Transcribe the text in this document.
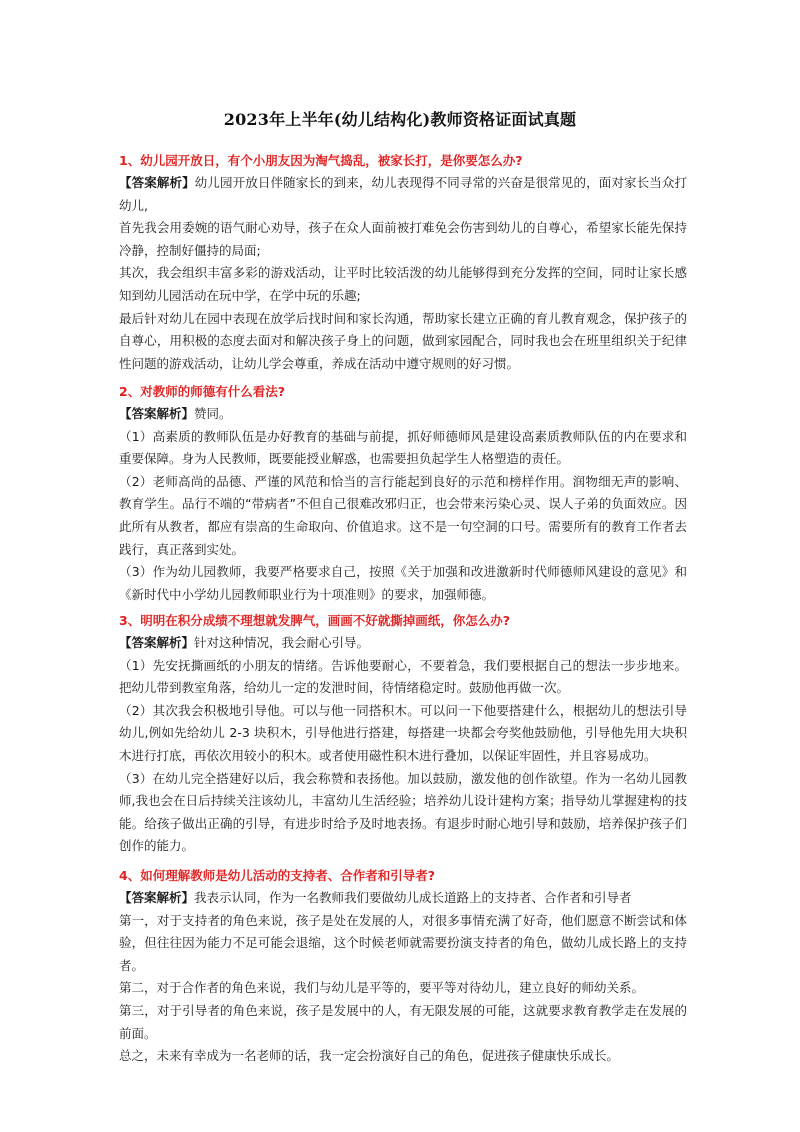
2023年上半年(幼儿结构化)教师资格证面试真题
1、幼儿园开放日，有个小朋友因为淘气捣乱，被家长打，是你要怎么办?

【答案解析】幼儿园开放日伴随家长的到来，幼儿表现得不同寻常的兴奋是很常见的，面对家长当众打幼儿,

首先我会用委婉的语气耐心劝导，孩子在众人面前被打难免会伤害到幼儿的自尊心，希望家长能先保持冷静，控制好僵持的局面;

其次，我会组织丰富多彩的游戏活动，让平时比较活泼的幼儿能够得到充分发挥的空间，同时让家长感知到幼儿园活动在玩中学，在学中玩的乐趣;

最后针对幼儿在园中表现在放学后找时间和家长沟通，帮助家长建立正确的育儿教育观念，保护孩子的自尊心，用积极的态度去面对和解决孩子身上的问题，做到家园配合，同时我也会在班里组织关于纪律性问题的游戏活动，让幼儿学会尊重，养成在活动中遵守规则的好习惯。

2、对教师的师德有什么看法?

【答案解析】赞同。

（1）高素质的教师队伍是办好教育的基础与前提，抓好师德师风是建设高素质教师队伍的内在要求和重要保障。身为人民教师，既要能授业解惑，也需要担负起学生人格塑造的责任。

（2）老师高尚的品德、严谨的风范和恰当的言行能起到良好的示范和榜样作用。润物细无声的影响、教育学生。品行不端的“带病者”不但自己很难改邪归正，也会带来污染心灵、误人子弟的负面效应。因此所有从教者，都应有崇高的生命取向、价值追求。这不是一句空洞的口号。需要所有的教育工作者去践行，真正落到实处。

（3）作为幼儿园教师，我要严格要求自己，按照《关于加强和改进激新时代师德师风建设的意见》和《新时代中小学幼儿园教师职业行为十项准则》的要求，加强师德。

3、明明在积分成绩不理想就发脾气，画画不好就撕掉画纸，你怎么办?

【答案解析】针对这种情况，我会耐心引导。

（1）先安抚撕画纸的小朋友的情绪。告诉他要耐心，不要着急，我们要根据自己的想法一步步地来。把幼儿带到教室角落，给幼儿一定的发泄时间，待情绪稳定时。鼓励他再做一次。

（2）其次我会积极地引导他。可以与他一同搭积木。可以问一下他要搭建什么，根据幼儿的想法引导幼儿,例如先给幼儿 2-3 块积木，引导他进行搭建，每搭建一块都会夸奖他鼓励他，引导他先用大块积木进行打底，再依次用较小的积木。或者使用磁性积木进行叠加，以保证牢固性，并且容易成功。

（3）在幼儿完全搭建好以后，我会称赞和表扬他。加以鼓励，激发他的创作欲望。作为一名幼儿园教师,我也会在日后持续关注该幼儿，丰富幼儿生活经验；培养幼儿设计建构方案；指导幼儿掌握建构的技能。给孩子做出正确的引导，有进步时给予及时地表扬。有退步时耐心地引导和鼓励，培养保护孩子们创作的能力。

4、如何理解教师是幼儿活动的支持者、合作者和引导者?

【答案解析】我表示认同，作为一名教师我们要做幼儿成长道路上的支持者、合作者和引导者

第一，对于支持者的角色来说，孩子是处在发展的人，对很多事情充满了好奇，他们愿意不断尝试和体验，但往往因为能力不足可能会退缩，这个时候老师就需要扮演支持者的角色，做幼儿成长路上的支持者。

第二，对于合作者的角色来说，我们与幼儿是平等的，要平等对待幼儿，建立良好的师幼关系。

第三，对于引导者的角色来说，孩子是发展中的人，有无限发展的可能，这就要求教育教学走在发展的前面。

总之，未来有幸成为一名老师的话，我一定会扮演好自己的角色，促进孩子健康快乐成长。
